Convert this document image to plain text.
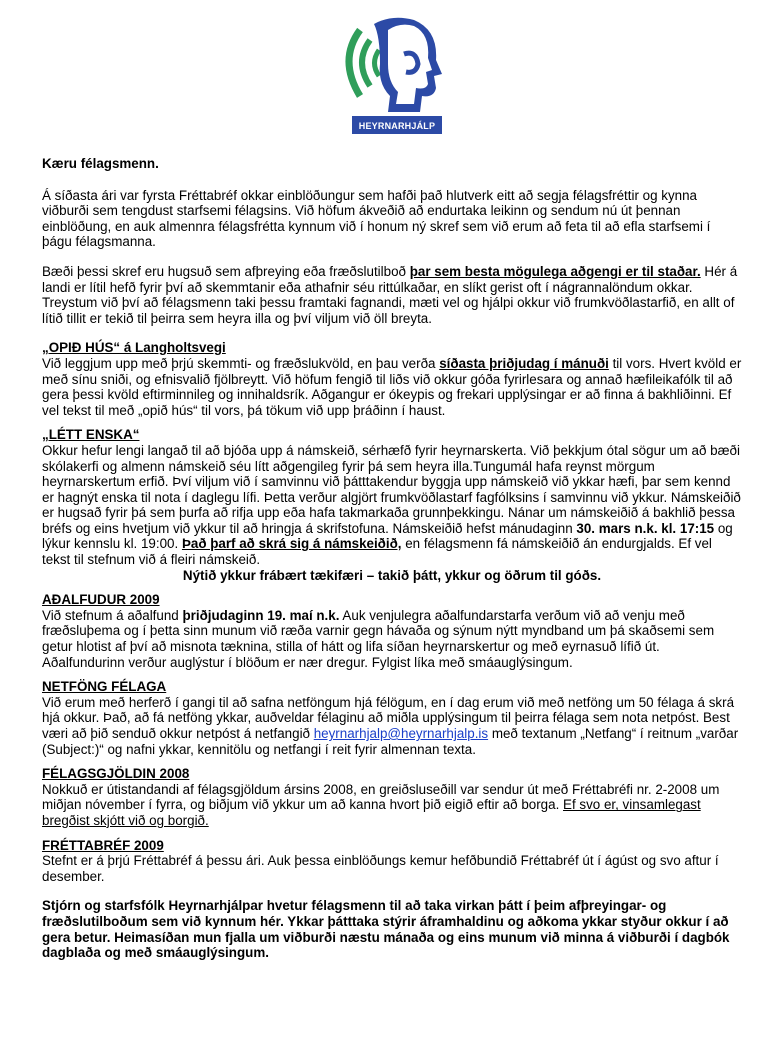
HEYRNARHJÁLP

Kæru félagsmenn.

Á síðasta ári var fyrsta Fréttabréf okkar einblöðungur sem hafði það hlutverk eitt að segja félagsfréttir og kynna viðburði sem tengdust starfsemi félagsins. Við höfum ákveðið að endurtaka leikinn og sendum nú út þennan einblöðung, en auk almennra félagsfrétta kynnum við í honum ný skref sem við erum að feta til að efla starfsemi í þágu félagsmanna.

Bæði þessi skref eru hugsuð sem afþreying eða fræðslutilboð þar sem besta mögulega aðgengi er til staðar. Hér á landi er lítil hefð fyrir því að skemmtanir eða athafnir séu rittúlkaðar, en slíkt gerist oft í nágrannalöndum okkar. Treystum við því að félagsmenn taki þessu framtaki fagnandi, mæti vel og hjálpi okkur við frumkvöðlastarfið, en allt of lítið tillit er tekið til þeirra sem heyra illa og því viljum við öll breyta.

„OPIÐ HÚS“ á Langholtsvegi

Við leggjum upp með þrjú skemmti- og fræðslukvöld, en þau verða síðasta þriðjudag í mánuði til vors. Hvert kvöld er með sínu sniði, og efnisvalið fjölbreytt. Við höfum fengið til liðs við okkur góða fyrirlesara og annað hæfileikafólk til að gera þessi kvöld eftirminnileg og innihaldsrík. Aðgangur er ókeypis og frekari upplýsingar er að finna á bakhliðinni. Ef vel tekst til með „opið hús“ til vors, þá tökum við upp þráðinn í haust.

„LÉTT ENSKA“

Okkur hefur lengi langað til að bjóða upp á námskeið, sérhæfð fyrir heyrnarskerta. Við þekkjum ótal sögur um að bæði skólakerfi og almenn námskeið séu lítt aðgengileg fyrir þá sem heyra illa.Tungumál hafa reynst mörgum heyrnarskertum erfið. Því viljum við í samvinnu við þátttakendur byggja upp námskeið við ykkar hæfi, þar sem kennd er hagnýt enska til nota í daglegu lífi. Þetta verður algjört frumkvöðlastarf fagfólksins í samvinnu við ykkur. Námskeiðið er hugsað fyrir þá sem þurfa að rifja upp eða hafa takmarkaða grunnþekkingu. Nánar um námskeiðið á bakhlið þessa bréfs og eins hvetjum við ykkur til að hringja á skrifstofuna. Námskeiðið hefst mánudaginn 30. mars n.k. kl. 17:15 og lýkur kennslu kl. 19:00. Það þarf að skrá sig á námskeiðið, en félagsmenn fá námskeiðið án endurgjalds. Ef vel tekst til stefnum við á fleiri námskeið.

Nýtið ykkur frábært tækifæri – takið þátt, ykkur og öðrum til góðs.

AÐALFUDUR 2009

Við stefnum á aðalfund þriðjudaginn 19. maí n.k. Auk venjulegra aðalfundarstarfa verðum við að venju með fræðsluþema og í þetta sinn munum við ræða varnir gegn hávaða og sýnum nýtt myndband um þá skaðsemi sem getur hlotist af því að misnota tæknina, stilla of hátt og lifa síðan heyrnarskertur og með eyrnasuð lífið út. Aðalfundurinn verður auglýstur í blöðum er nær dregur. Fylgist líka með smáauglýsingum.

NETFÖNG FÉLAGA

Við erum með herferð í gangi til að safna netföngum hjá félögum, en í dag erum við með netföng um 50 félaga á skrá hjá okkur. Það, að fá netföng ykkar, auðveldar félaginu að miðla upplýsingum til þeirra félaga sem nota netpóst. Best væri að þið senduð okkur netpóst á netfangið heyrnarhjalp@heyrnarhjalp.is með textanum „Netfang“ í reitnum „varðar (Subject:)“ og nafni ykkar, kennitölu og netfangi í reit fyrir almennan texta.

FÉLAGSGJÖLDIN 2008

Nokkuð er útistandandi af félagsgjöldum ársins 2008, en greiðsluseðill var sendur út með Fréttabréfi nr. 2-2008 um miðjan nóvember í fyrra, og biðjum við ykkur um að kanna hvort þið eigið eftir að borga. Ef svo er, vinsamlegast bregðist skjótt við og borgið.

FRÉTTABRÉF 2009

Stefnt er á þrjú Fréttabréf á þessu ári. Auk þessa einblöðungs kemur hefðbundið Fréttabréf út í ágúst og svo aftur í desember.

Stjórn og starfsfólk Heyrnarhjálpar hvetur félagsmenn til að taka virkan þátt í þeim afþreyingar- og fræðslutilboðum sem við kynnum hér. Ykkar þátttaka stýrir áframhaldinu og aðkoma ykkar styður okkur í að gera betur. Heimasíðan mun fjalla um viðburði næstu mánaða og eins munum við minna á viðburði í dagbók dagblaða og með smáauglýsingum.
